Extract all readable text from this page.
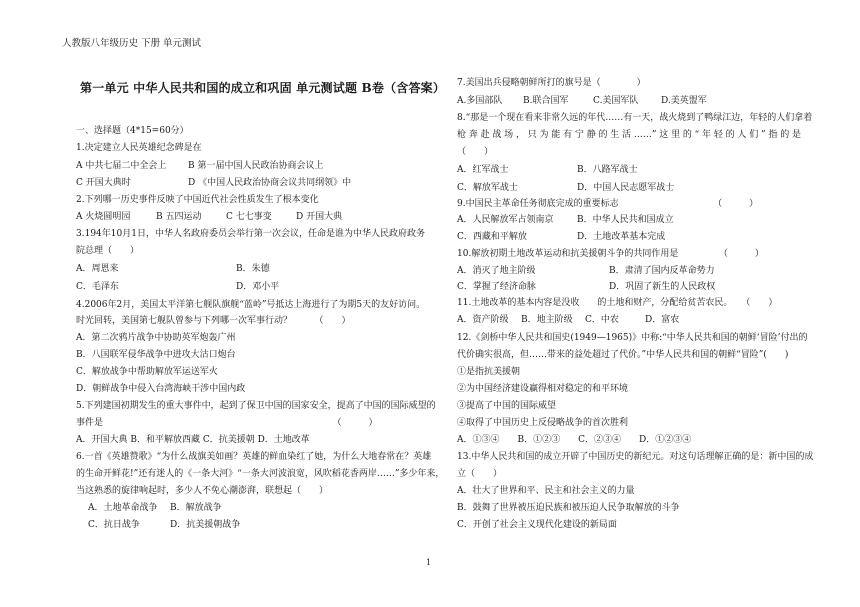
人教版八年级历史 下册 单元测试
第一单元 中华人民共和国的成立和巩固 单元测试题 B卷（含答案）
一、选择题（4*15=60分）
1.决定建立人民英雄纪念碑是在
A 中共七届二中全会上 B 第一届中国人民政治协商会议上
C 开国大典时	D 《中国人民政治协商会议共同纲领》中
2.下列哪一历史事件反映了中国近代社会性质发生了根本变化
A 火烧圆明园	B 五四运动	C 七七事变	D 开国大典
3.194年10月1日，中华人名政府委员会举行第一次会议，任命是谁为中华人民政府政务
院总理（　　）
A．周恩来	B．朱德
C．毛泽东	D．邓小平
4.2006年2月，美国太平洋第七舰队旗舰“蓝岭”号抵达上海进行了为期5天的友好访问。
时光回转，美国第七舰队曾参与下列哪一次军事行动？　　　（　　）
A．第二次鸦片战争中协助英军炮轰广州
B．八国联军侵华战争中进攻大沽口炮台
C．解放战争中帮助解放军运送军火
D．朝鲜战争中侵入台湾海峡干涉中国内政
5.下列建国初期发生的重大事件中，起到了保卫中国的国家安全，提高了中国的国际威望的
事件是　　　　　　　　　　　　　　　　　　　　　　　　　　（　　　）
A．开国大典 B．和平解放西藏 C．抗美援朝 D．土地改革
6.一首《英雄赞歌》“为什么战旗美如画？英雄的鲜血染红了她，为什么大地春常在？英雄
的生命开鲜花!”还有迷人的《一条大河》“一条大河波浪宽，风吹稻花香两岸……”多少年来，
当这熟悉的旋律响起时，多少人不免心潮澎湃，联想起（　　）
A．土地革命战争 B．解放战争
C．抗日战争	D．抗美援朝战争
7.美国出兵侵略朝鲜所打的旗号是（　　　　）
A.多国部队 B.联合国军	C.美国军队	D.美英盟军
8.“那是一个现在看来非常久远的年代……有一天，战火烧到了鸭绿江边，年轻的人们拿着
枪奔赴战场，只为能有宁静的生活……”这里的“年轻的人们”指的是
（　　）
A．红军战士	B．八路军战士
C．解放军战士	D．中国人民志愿军战士
9.中国民主革命任务彻底完成的重要标志　　　　　　　　　　　（　　　）
A．人民解放军占领南京	B．中华人民共和国成立
C．西藏和平解放	D．土地改革基本完成
10.解放初期土地改革运动和抗美援朝斗争的共同作用是　　　　　（　　　）
A．消灭了地主阶级	B．肃清了国内反革命势力
C．掌握了经济命脉	D．巩固了新生的人民政权
11.土地改革的基本内容是没收　　的土地和财产，分配给贫苦农民。　　（　　）
A．资产阶级 B．地主阶级 C．中农	D．富农
12.《剑桥中华人民共和国史(1949—1965)》中称:“中华人民共和国的朝鲜‘冒险’付出的
代价确实很高，但……带来的益处超过了代价。”中华人民共和国的朝鲜“冒险”(　　)
①是指抗美援朝
②为中国经济建设赢得相对稳定的和平环境
③提高了中国的国际威望
④取得了中国历史上反侵略战争的首次胜利
A．①③④　　B．①②③　　C．②③④　　D．①②③④
13.中华人民共和国的成立开辟了中国历史的新纪元。对这句话理解正确的是：新中国的成
立（　　）
A．壮大了世界和平、民主和社会主义的力量
B．鼓舞了世界被压迫民族和被压迫人民争取解放的斗争
C．开创了社会主义现代化建设的新局面
1
